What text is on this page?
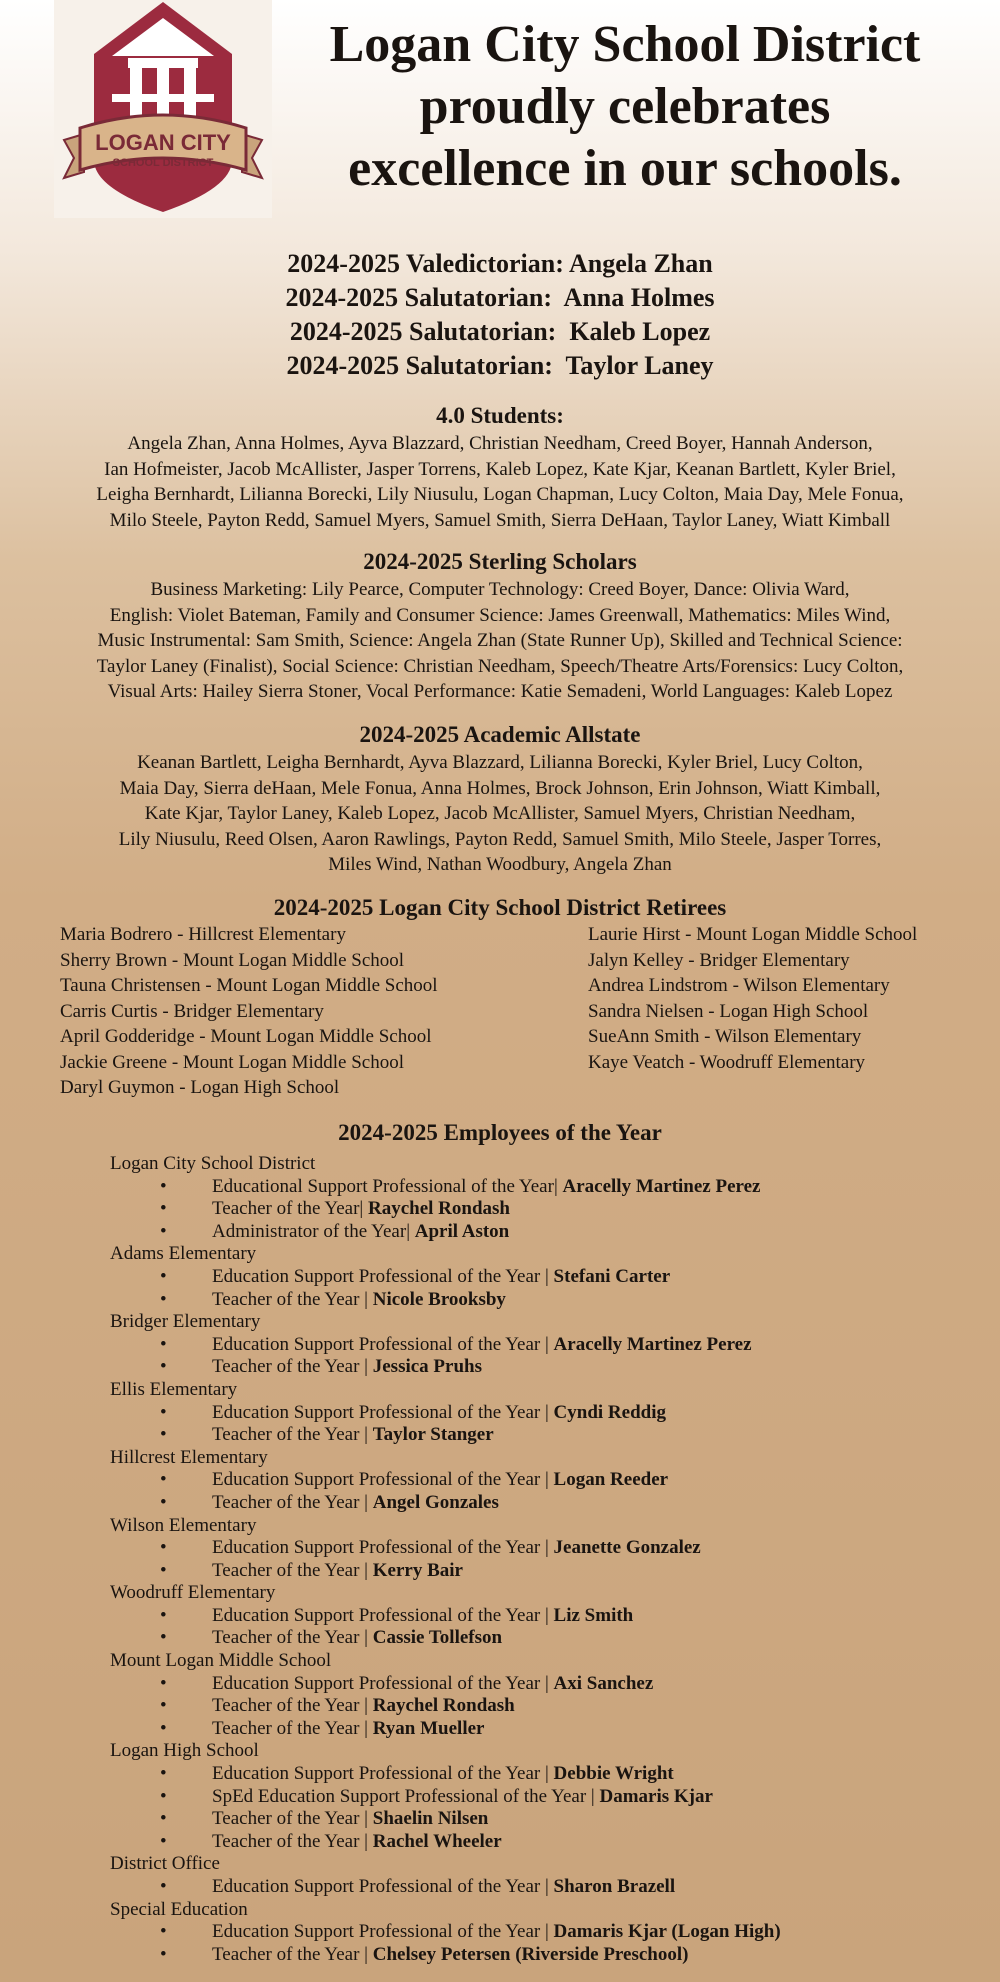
LOGAN CITY
SCHOOL DISTRICT
Logan City School District
proudly celebrates
excellence in our schools.
2024-2025 Valedictorian: Angela Zhan
2024-2025 Salutatorian:  Anna Holmes
2024-2025 Salutatorian:  Kaleb Lopez
2024-2025 Salutatorian:  Taylor Laney
4.0 Students:
Angela Zhan, Anna Holmes, Ayva Blazzard, Christian Needham, Creed Boyer, Hannah Anderson,
Ian Hofmeister, Jacob McAllister, Jasper Torrens, Kaleb Lopez, Kate Kjar, Keanan Bartlett, Kyler Briel,
Leigha Bernhardt, Lilianna Borecki, Lily Niusulu, Logan Chapman, Lucy Colton, Maia Day, Mele Fonua,
Milo Steele, Payton Redd, Samuel Myers, Samuel Smith, Sierra DeHaan, Taylor Laney, Wiatt Kimball
2024-2025 Sterling Scholars
Business Marketing: Lily Pearce, Computer Technology: Creed Boyer, Dance: Olivia Ward,
English: Violet Bateman, Family and Consumer Science: James Greenwall, Mathematics: Miles Wind,
Music Instrumental: Sam Smith, Science: Angela Zhan (State Runner Up), Skilled and Technical Science:
Taylor Laney (Finalist), Social Science: Christian Needham, Speech/Theatre Arts/Forensics: Lucy Colton,
Visual Arts: Hailey Sierra Stoner, Vocal Performance: Katie Semadeni, World Languages: Kaleb Lopez
2024-2025 Academic Allstate
Keanan Bartlett, Leigha Bernhardt, Ayva Blazzard, Lilianna Borecki, Kyler Briel, Lucy Colton,
Maia Day, Sierra deHaan, Mele Fonua, Anna Holmes, Brock Johnson, Erin Johnson, Wiatt Kimball,
Kate Kjar, Taylor Laney, Kaleb Lopez, Jacob McAllister, Samuel Myers, Christian Needham,
Lily Niusulu, Reed Olsen, Aaron Rawlings, Payton Redd, Samuel Smith, Milo Steele, Jasper Torres,
Miles Wind, Nathan Woodbury, Angela Zhan
2024-2025 Logan City School District Retirees
Maria Bodrero - Hillcrest Elementary
Sherry Brown - Mount Logan Middle School
Tauna Christensen - Mount Logan Middle School
Carris Curtis - Bridger Elementary
April Godderidge - Mount Logan Middle School
Jackie Greene - Mount Logan Middle School
Daryl Guymon - Logan High School
Laurie Hirst - Mount Logan Middle School
Jalyn Kelley - Bridger Elementary
Andrea Lindstrom - Wilson Elementary
Sandra Nielsen - Logan High School
SueAnn Smith - Wilson Elementary
Kaye Veatch - Woodruff Elementary
2024-2025 Employees of the Year
Logan City School District
• Educational Support Professional of the Year| Aracelly Martinez Perez
• Teacher of the Year| Raychel Rondash
• Administrator of the Year| April Aston
Adams Elementary
• Education Support Professional of the Year | Stefani Carter
• Teacher of the Year | Nicole Brooksby
Bridger Elementary
• Education Support Professional of the Year | Aracelly Martinez Perez
• Teacher of the Year | Jessica Pruhs
Ellis Elementary
• Education Support Professional of the Year | Cyndi Reddig
• Teacher of the Year | Taylor Stanger
Hillcrest Elementary
• Education Support Professional of the Year | Logan Reeder
• Teacher of the Year | Angel Gonzales
Wilson Elementary
• Education Support Professional of the Year | Jeanette Gonzalez
• Teacher of the Year | Kerry Bair
Woodruff Elementary
• Education Support Professional of the Year | Liz Smith
• Teacher of the Year | Cassie Tollefson
Mount Logan Middle School
• Education Support Professional of the Year | Axi Sanchez
• Teacher of the Year | Raychel Rondash
• Teacher of the Year | Ryan Mueller
Logan High School
• Education Support Professional of the Year | Debbie Wright
• SpEd Education Support Professional of the Year | Damaris Kjar
• Teacher of the Year | Shaelin Nilsen
• Teacher of the Year | Rachel Wheeler
District Office
• Education Support Professional of the Year | Sharon Brazell
Special Education
• Education Support Professional of the Year | Damaris Kjar (Logan High)
• Teacher of the Year | Chelsey Petersen (Riverside Preschool)
